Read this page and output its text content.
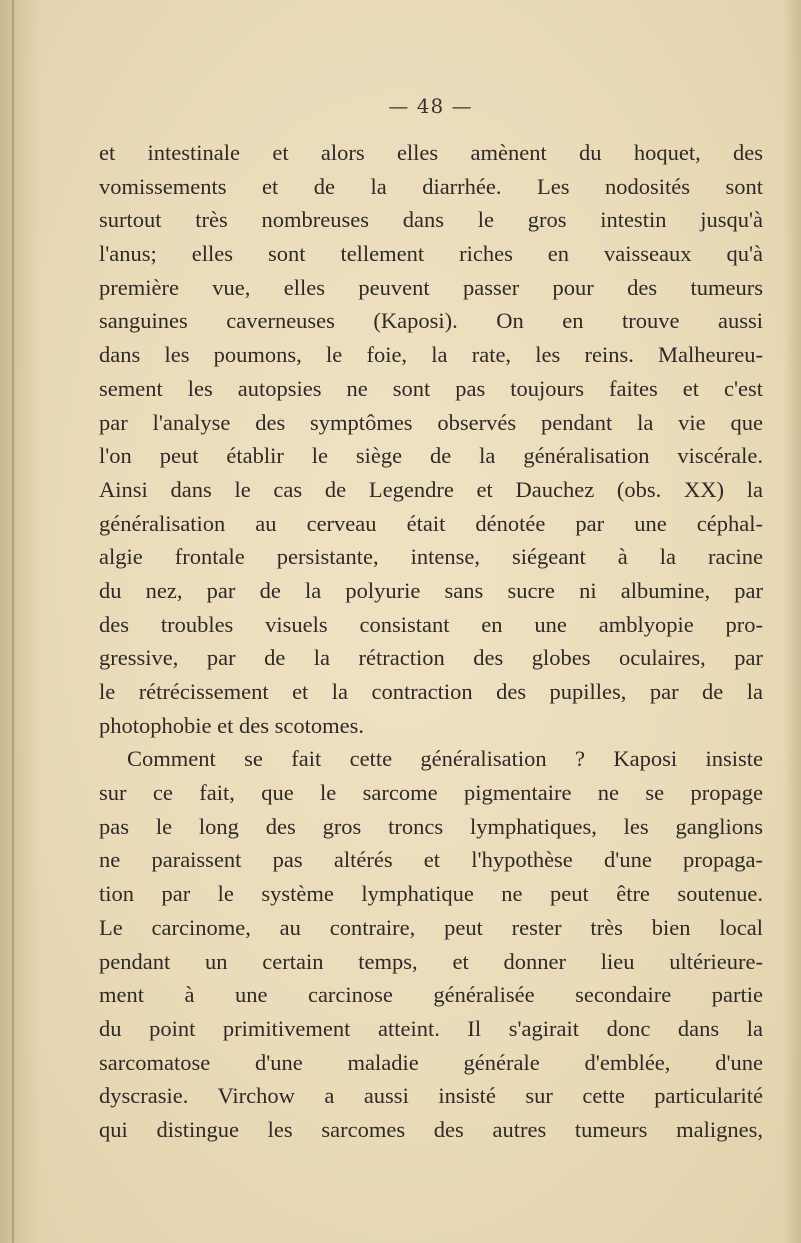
— 48 —
et intestinale et alors elles amènent du hoquet, des
vomissements et de la diarrhée. Les nodosités sont
surtout très nombreuses dans le gros intestin jusqu'à
l'anus; elles sont tellement riches en vaisseaux qu'à
première vue, elles peuvent passer pour des tumeurs
sanguines caverneuses (Kaposi). On en trouve aussi
dans les poumons, le foie, la rate, les reins. Malheureu-
sement les autopsies ne sont pas toujours faites et c'est
par l'analyse des symptômes observés pendant la vie que
l'on peut établir le siège de la généralisation viscérale.
Ainsi dans le cas de Legendre et Dauchez (obs. XX) la
généralisation au cerveau était dénotée par une céphal-
algie frontale persistante, intense, siégeant à la racine
du nez, par de la polyurie sans sucre ni albumine, par
des troubles visuels consistant en une amblyopie pro-
gressive, par de la rétraction des globes oculaires, par
le rétrécissement et la contraction des pupilles, par de la
photophobie et des scotomes.
Comment se fait cette généralisation ? Kaposi insiste
sur ce fait, que le sarcome pigmentaire ne se propage
pas le long des gros troncs lymphatiques, les ganglions
ne paraissent pas altérés et l'hypothèse d'une propaga-
tion par le système lymphatique ne peut être soutenue.
Le carcinome, au contraire, peut rester très bien local
pendant un certain temps, et donner lieu ultérieure-
ment à une carcinose généralisée secondaire partie
du point primitivement atteint. Il s'agirait donc dans la
sarcomatose d'une maladie générale d'emblée, d'une
dyscrasie. Virchow a aussi insisté sur cette particularité
qui distingue les sarcomes des autres tumeurs malignes,
